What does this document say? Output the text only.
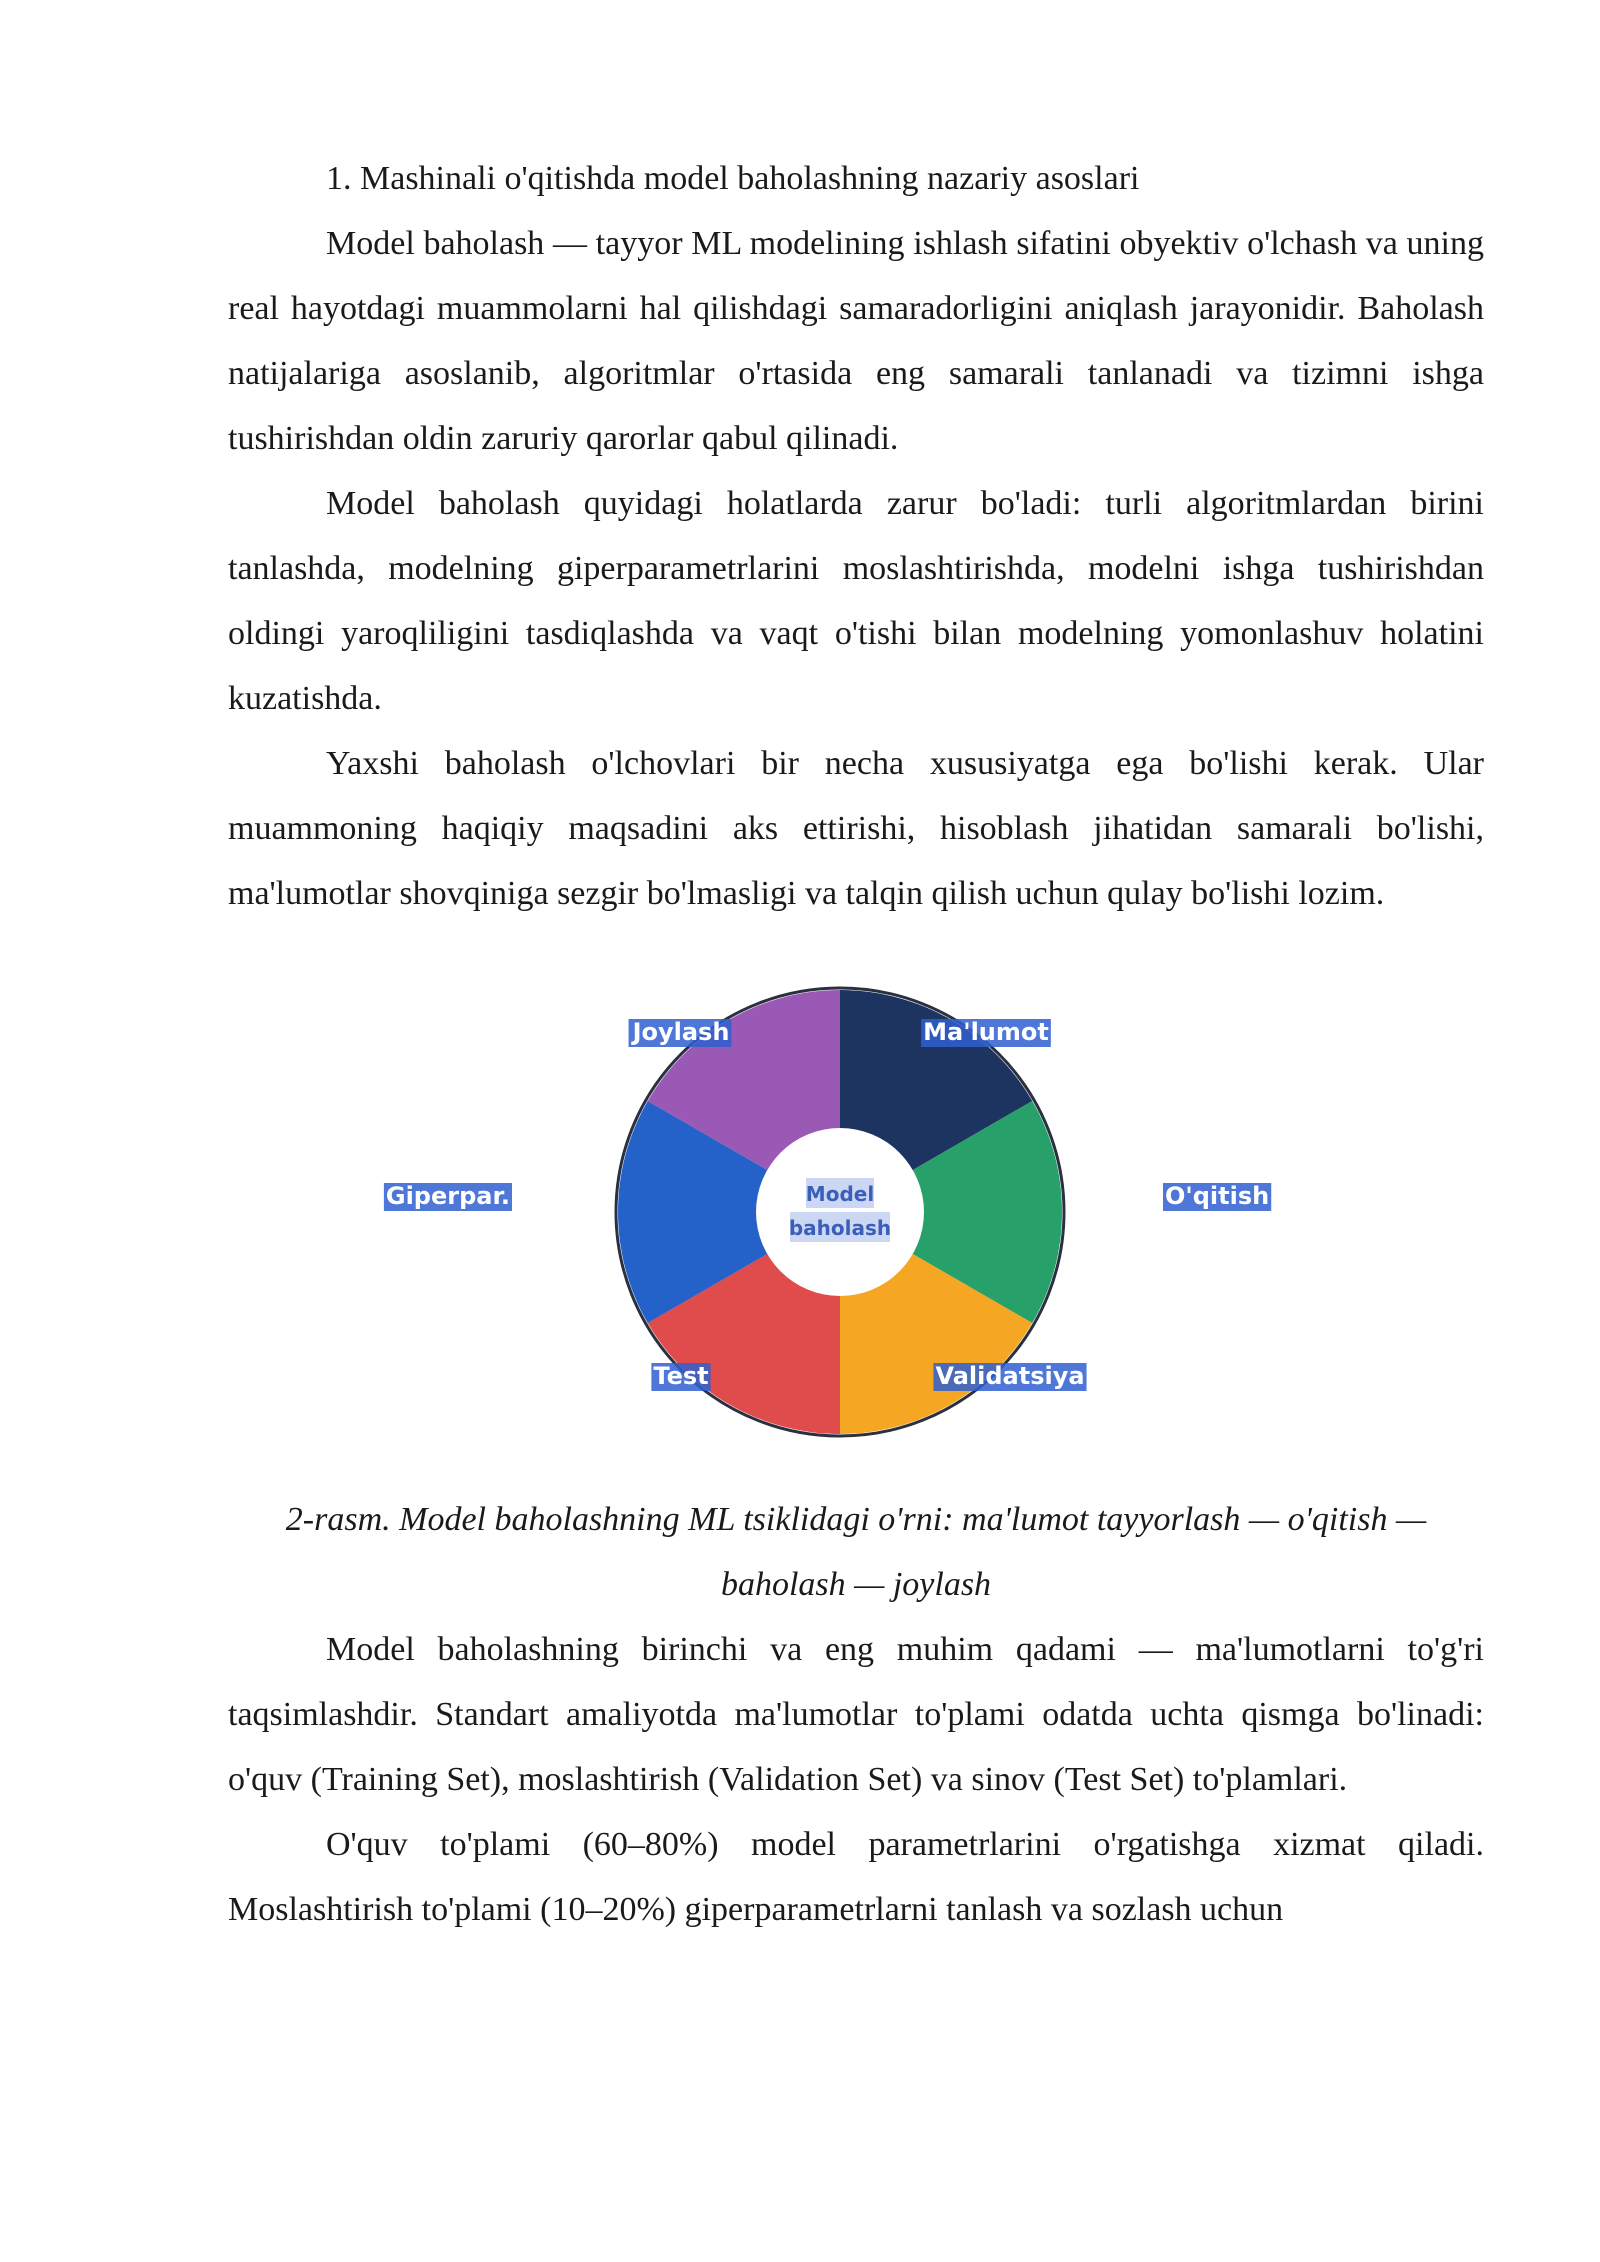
1. Mashinali o'qitishda model baholashning nazariy asoslari

Model baholash — tayyor ML modelining ishlash sifatini obyektiv o'lchash va uning real hayotdagi muammolarni hal qilishdagi samaradorligini aniqlash jarayonidir. Baholash natijalariga asoslanib, algoritmlar o'rtasida eng samarali tanlanadi va tizimni ishga tushirishdan oldin zaruriy qarorlar qabul qilinadi.

Model baholash quyidagi holatlarda zarur bo'ladi: turli algoritmlardan birini tanlashda, modelning giperparametrlarini moslashtirishda, modelni ishga tushirishdan oldingi yaroqliligini tasdiqlashda va vaqt o'tishi bilan modelning yomonlashuv holatini kuzatishda.

Yaxshi baholash o'lchovlari bir necha xususiyatga ega bo'lishi kerak. Ular muammoning haqiqiy maqsadini aks ettirishi, hisoblash jihatidan samarali bo'lishi, ma'lumotlar shovqiniga sezgir bo'lmasligi va talqin qilish uchun qulay bo'lishi lozim.

Model
baholash
Ma'lumot
O'qitish
Validatsiya
Test
Giperpar.
Joylash
2-rasm. Model baholashning ML tsiklidagi o'rni: ma'lumot tayyorlash — o'qitish — baholash — joylash

Model baholashning birinchi va eng muhim qadami — ma'lumotlarni to'g'ri taqsimlashdir. Standart amaliyotda ma'lumotlar to'plami odatda uchta qismga bo'linadi: o'quv (Training Set), moslashtirish (Validation Set) va sinov (Test Set) to'plamlari.

O'quv to'plami (60–80%) model parametrlarini o'rgatishga xizmat qiladi. Moslashtirish to'plami (10–20%) giperparametrlarni tanlash va sozlash uchun
